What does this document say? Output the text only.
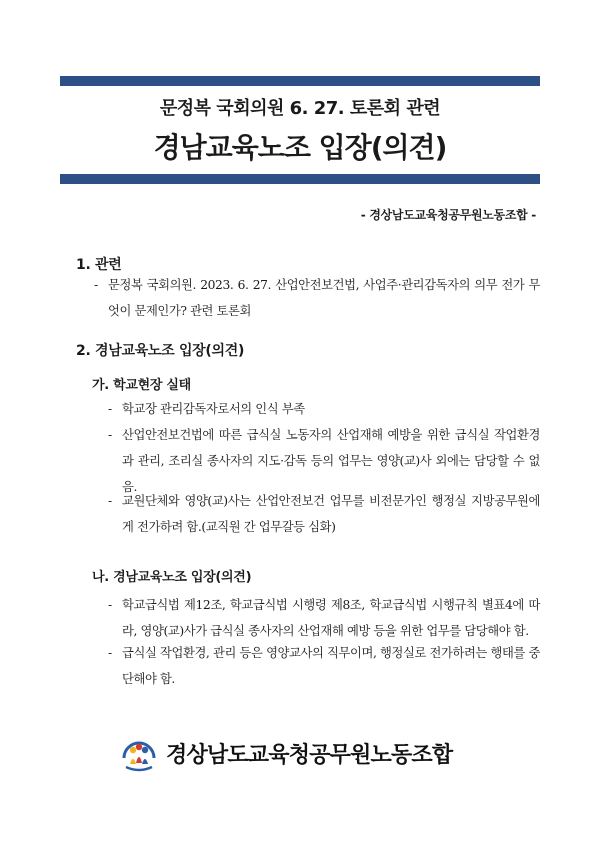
문정복 국회의원 6. 27. 토론회 관련
경남교육노조 입장(의견)
- 경상남도교육청공무원노동조합 -
1. 관련
- 문정복 국회의원. 2023. 6. 27. 산업안전보건법, 사업주·관리감독자의 의무 전가 무엇이 문제인가? 관련 토론회
2. 경남교육노조 입장(의견)
가. 학교현장 실태
- 학교장 관리감독자로서의 인식 부족
- 산업안전보건법에 따른 급식실 노동자의 산업재해 예방을 위한 급식실 작업환경과 관리, 조리실 종사자의 지도·감독 등의 업무는 영양(교)사 외에는 담당할 수 없음.
- 교원단체와 영양(교)사는 산업안전보건 업무를 비전문가인 행정실 지방공무원에게 전가하려 함.(교직원 간 업무갈등 심화)
나. 경남교육노조 입장(의견)
- 학교급식법 제12조, 학교급식법 시행령 제8조, 학교급식법 시행규칙 별표4에 따라, 영양(교)사가 급식실 종사자의 산업재해 예방 등을 위한 업무를 담당해야 함.
- 급식실 작업환경, 관리 등은 영양교사의 직무이며, 행정실로 전가하려는 행태를 중단해야 함.
경상남도교육청공무원노동조합
